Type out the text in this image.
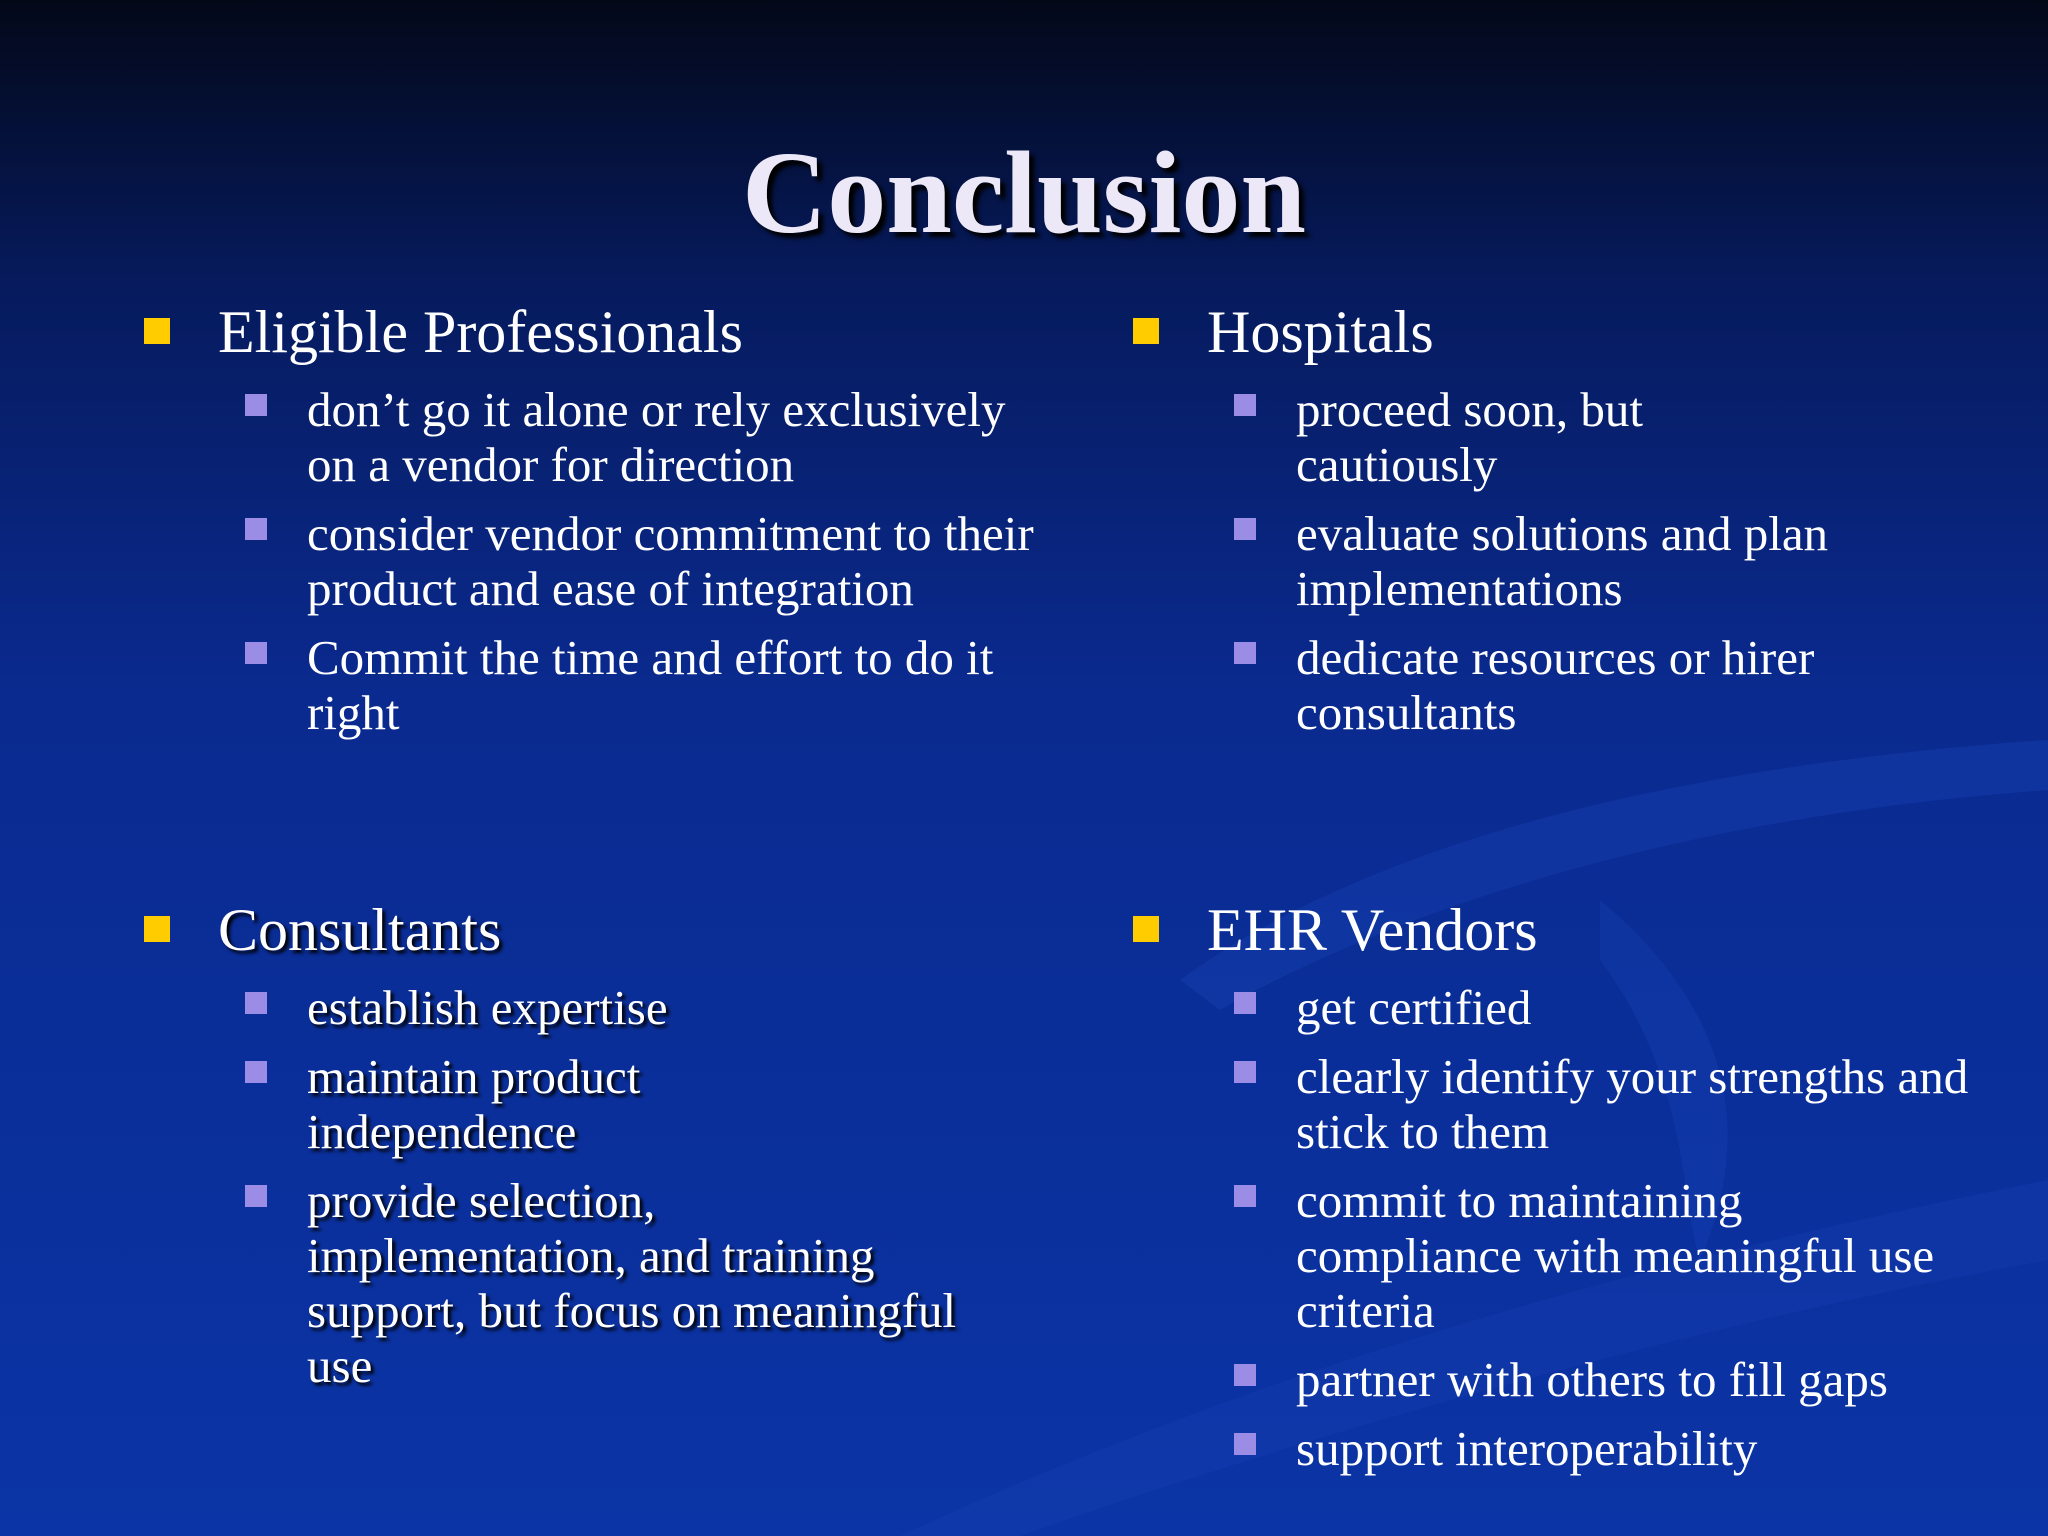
Conclusion

Eligible Professionals

don’t go it alone or rely exclusively on a vendor for direction
consider vendor commitment to their product and ease of integration
Commit the time and effort to do it right

Hospitals

proceed soon, but cautiously
evaluate solutions and plan implementations
dedicate resources or hirer consultants

Consultants

establish expertise
maintain product independence
provide selection, implementation, and training support, but focus on meaningful use

EHR Vendors

get certified
clearly identify your strengths and stick to them
commit to maintaining compliance with meaningful use criteria
partner with others to fill gaps
support interoperability
